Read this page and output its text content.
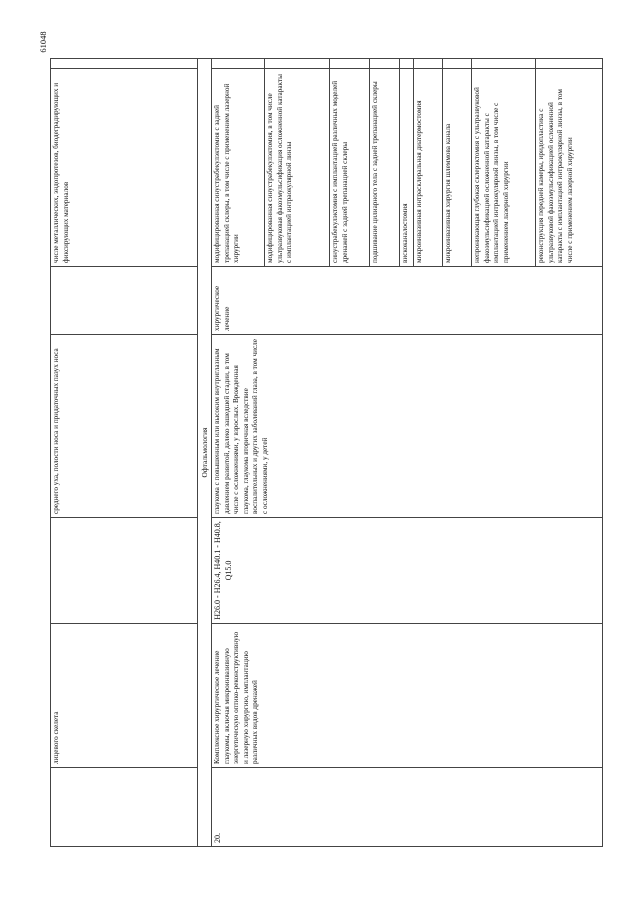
61048
	лицевого скелета		среднего уха, полости носа и придаточных пазух носа		числе металлических, эндопротезов, биодеградирующих и фиксирующих материалов	
Офтальмология						
20.	Комплексное хирургическое лечение глаукомы, включая микроинвазивную энергетическую оптико-реконструктивную и лазерную хирургию, имплантацию различных видов дренажей	H26.0 - H26.4, H40.1 - H40.8, Q15.0	глаукома с повышенным или высоким внутриглазным давлением развитой, далеко зашедшей стадии, в том числе с осложнениями, у взрослых. Врожденная глаукома, глаукома вторичная вследствие воспалительных и других заболеваний глаза, в том числе с осложнениями, у детей	хирургическое лечение	модифицированная синустрабекулэктомия с задней трепанацией склеры, в том числе с применением лазерной хирургии	
					модифицированная синустрабекулэктомия, в том числе ультразвуковая факоэмульсификация осложненной катаракты с имплантацией интраокулярной линзы	
					синустрабекулэктомия с имплантацией различных моделей дренажей с задней трепанацией склеры	
					подшивание цилиарного тела с задней трепанацией склеры	
					вискоканалостомия	
					микроинвазивная интрасклеральная диатермостомия	
					микроинвазивная хирургия шлеммова канала	
					непроникающая глубокая склерэктомия с ультразвуковой факоэмульсификацией осложненной катаракты с имплантацией интраокулярной линзы, в том числе с применением лазерной хирургии	
					реконструкция передней камеры, иридопластика с ультразвуковой факоэмульсификацией осложненной катаракты с имплантацией интраокулярной линзы, в том числе с применением лазерной хирургии	
